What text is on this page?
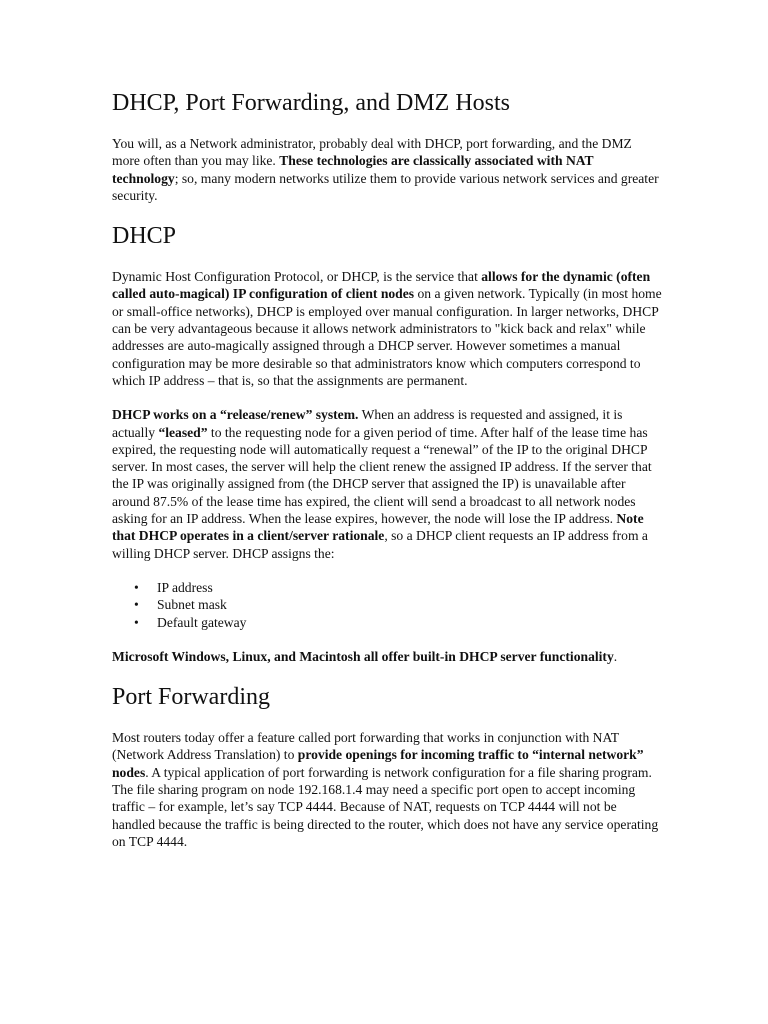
DHCP, Port Forwarding, and DMZ Hosts

You will, as a Network administrator, probably deal with DHCP, port forwarding, and the DMZ more often than you may like. These technologies are classically associated with NAT technology; so, many modern networks utilize them to provide various network services and greater security.

DHCP

Dynamic Host Configuration Protocol, or DHCP, is the service that allows for the dynamic (often called auto-magical) IP configuration of client nodes on a given network. Typically (in most home or small-office networks), DHCP is employed over manual configuration. In larger networks, DHCP can be very advantageous because it allows network administrators to "kick back and relax" while addresses are auto-magically assigned through a DHCP server. However sometimes a manual configuration may be more desirable so that administrators know which computers correspond to which IP address – that is, so that the assignments are permanent.

DHCP works on a “release/renew” system. When an address is requested and assigned, it is actually “leased” to the requesting node for a given period of time. After half of the lease time has expired, the requesting node will automatically request a “renewal” of the IP to the original DHCP server. In most cases, the server will help the client renew the assigned IP address. If the server that the IP was originally assigned from (the DHCP server that assigned the IP) is unavailable after around 87.5% of the lease time has expired, the client will send a broadcast to all network nodes asking for an IP address. When the lease expires, however, the node will lose the IP address. Note that DHCP operates in a client/server rationale, so a DHCP client requests an IP address from a willing DHCP server. DHCP assigns the:

• IP address
• Subnet mask
• Default gateway

Microsoft Windows, Linux, and Macintosh all offer built-in DHCP server functionality.

Port Forwarding

Most routers today offer a feature called port forwarding that works in conjunction with NAT (Network Address Translation) to provide openings for incoming traffic to “internal network” nodes. A typical application of port forwarding is network configuration for a file sharing program. The file sharing program on node 192.168.1.4 may need a specific port open to accept incoming traffic – for example, let’s say TCP 4444. Because of NAT, requests on TCP 4444 will not be handled because the traffic is being directed to the router, which does not have any service operating on TCP 4444.
